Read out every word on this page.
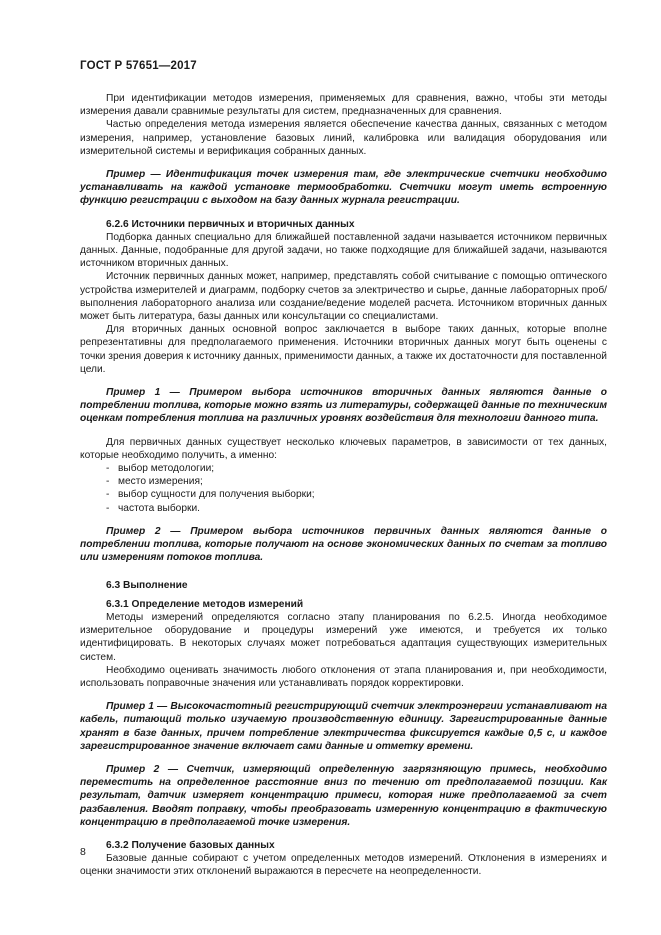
ГОСТ Р 57651—2017

При идентификации методов измерения, применяемых для сравнения, важно, чтобы эти методы измерения давали сравнимые результаты для систем, предназначенных для сравнения.

Частью определения метода измерения является обеспечение качества данных, связанных с методом измерения, например, установление базовых линий, калибровка или валидация оборудования или измерительной системы и верификация собранных данных.

Пример — Идентификация точек измерения там, где электрические счетчики необходимо устанавливать на каждой установке термообработки. Счетчики могут иметь встроенную функцию регистрации с выходом на базу данных журнала регистрации.

6.2.6 Источники первичных и вторичных данных

Подборка данных специально для ближайшей поставленной задачи называется источником первичных данных. Данные, подобранные для другой задачи, но также подходящие для ближайшей задачи, называются источником вторичных данных.

Источник первичных данных может, например, представлять собой считывание с помощью оптического устройства измерителей и диаграмм, подборку счетов за электричество и сырье, данные лабораторных проб/выполнения лабораторного анализа или создание/ведение моделей расчета. Источником вторичных данных может быть литература, базы данных или консультации со специалистами.

Для вторичных данных основной вопрос заключается в выборе таких данных, которые вполне репрезентативны для предполагаемого применения. Источники вторичных данных могут быть оценены с точки зрения доверия к источнику данных, применимости данных, а также их достаточности для поставленной цели.

Пример 1 — Примером выбора источников вторичных данных являются данные о потреблении топлива, которые можно взять из литературы, содержащей данные по техническим оценкам потребления топлива на различных уровнях воздействия для технологии данного типа.

Для первичных данных существует несколько ключевых параметров, в зависимости от тех данных, которые необходимо получить, а именно:

- выбор методологии;
- место измерения;
- выбор сущности для получения выборки;
- частота выборки.

Пример 2 — Примером выбора источников первичных данных являются данные о потреблении топлива, которые получают на основе экономических данных по счетам за топливо или измерениям потоков топлива.

6.3 Выполнение
6.3.1 Определение методов измерений

Методы измерений определяются согласно этапу планирования по 6.2.5. Иногда необходимое измерительное оборудование и процедуры измерений уже имеются, и требуется их только идентифицировать. В некоторых случаях может потребоваться адаптация существующих измерительных систем.

Необходимо оценивать значимость любого отклонения от этапа планирования и, при необходимости, использовать поправочные значения или устанавливать порядок корректировки.

Пример 1 — Высокочастотный регистрирующий счетчик электроэнергии устанавливают на кабель, питающий только изучаемую производственную единицу. Зарегистрированные данные хранят в базе данных, причем потребление электричества фиксируется каждые 0,5 с, и каждое зарегистрированное значение включает сами данные и отметку времени.

Пример 2 — Счетчик, измеряющий определенную загрязняющую примесь, необходимо переместить на определенное расстояние вниз по течению от предполагаемой позиции. Как результат, датчик измеряет концентрацию примеси, которая ниже предполагаемой за счет разбавления. Вводят поправку, чтобы преобразовать измеренную концентрацию в фактическую концентрацию в предполагаемой точке измерения.

6.3.2 Получение базовых данных

Базовые данные собирают с учетом определенных методов измерений. Отклонения в измерениях и оценки значимости этих отклонений выражаются в пересчете на неопределенности.

8
